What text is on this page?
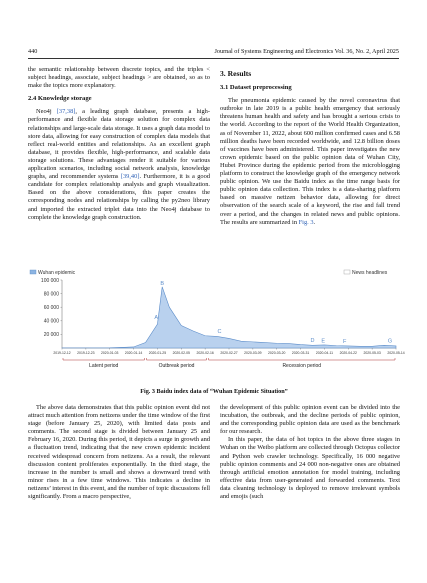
440	Journal of Systems Engineering and Electronics Vol. 36, No. 2, April 2025

the semantic relationship between discrete topics, and the triples < subject headings, associate, subject headings > are obtained, so as to make the topics more explanatory.

2.4 Knowledge storage

Neo4j [37,38], a leading graph database, presents a high-performance and flexible data storage solution for complex data relationships and large-scale data storage. It uses a graph data model to store data, allowing for easy construction of complex data models that reflect real-world entities and relationships. As an excellent graph database, it provides flexible, high-performance, and scalable data storage solutions. These advantages render it suitable for various application scenarios, including social network analysis, knowledge graphs, and recommender systems [39,40]. Furthermore, it is a good candidate for complex relationship analysis and graph visualization. Based on the above considerations, this paper creates the corresponding nodes and relationships by calling the py2neo library and imported the extracted triplet data into the Neo4j database to complete the knowledge graph construction.

3. Results
3.1 Dataset preprocessing

The pneumonia epidemic caused by the novel coronavirus that outbroke in late 2019 is a public health emergency that seriously threatens human health and safety and has brought a serious crisis to the world. According to the report of the World Health Organization, as of November 11, 2022, about 600 million confirmed cases and 6.58 million deaths have been recorded worldwide, and 12.8 billion doses of vaccines have been administered. This paper investigates the new crown epidemic based on the public opinion data of Wuhan City, Hubei Province during the epidemic period from the microblogging platform to construct the knowledge graph of the emergency network public opinion. We use the Baidu index as the time range basis for public opinion data collection. This index is a data-sharing platform based on massive netizen behavior data, allowing for direct observation of the search scale of a keyword, the rise and fall trend over a period, and the changes in related news and public opinions. The results are summarized in Fig. 3.

Wuhan epidemic	News headlines
100 000
80 000
60 000
40 000
20 000
2019-12-12 2019-12-23 2020-01-03 2020-01-14 2020-01-25 2020-02-05 2020-02-16 2020-02-27 2020-03-09 2020-03-20 2020-03-31 2020-04-11 2020-04-22 2020-05-03 2020-05-14
A
B
C
D E	F	G
Latent period	Outbreak period	Recession period
Fig. 3 Baidu index data of “Wuhan Epidemic Situation”

The above data demonstrates that this public opinion event did not attract much attention from netizens under the time window of the first stage (before January 25, 2020), with limited data posts and comments. The second stage is divided between January 25 and February 16, 2020. During this period, it depicts a surge in growth and a fluctuation trend, indicating that the new crown epidemic incident received widespread concern from netizens. As a result, the relevant discussion content proliferates exponentially. In the third stage, the increase in the number is small and shows a downward trend with minor rises in a few time windows. This indicates a decline in netizens’ interest in this event, and the number of topic discussions fell significantly. From a macro perspective,

the development of this public opinion event can be divided into the incubation, the outbreak, and the decline periods of public opinion, and the corresponding public opinion data are used as the benchmark for our research.

In this paper, the data of hot topics in the above three stages in Wuhan on the Weibo platform are collected through Octopus collector and Python web crawler technology. Specifically, 16 000 negative public opinion comments and 24 000 non-negative ones are obtained through artificial emotion annotation for model training, including effective data from user-generated and forwarded comments. Text data cleaning technology is deployed to remove irrelevant symbols and emojis (such
